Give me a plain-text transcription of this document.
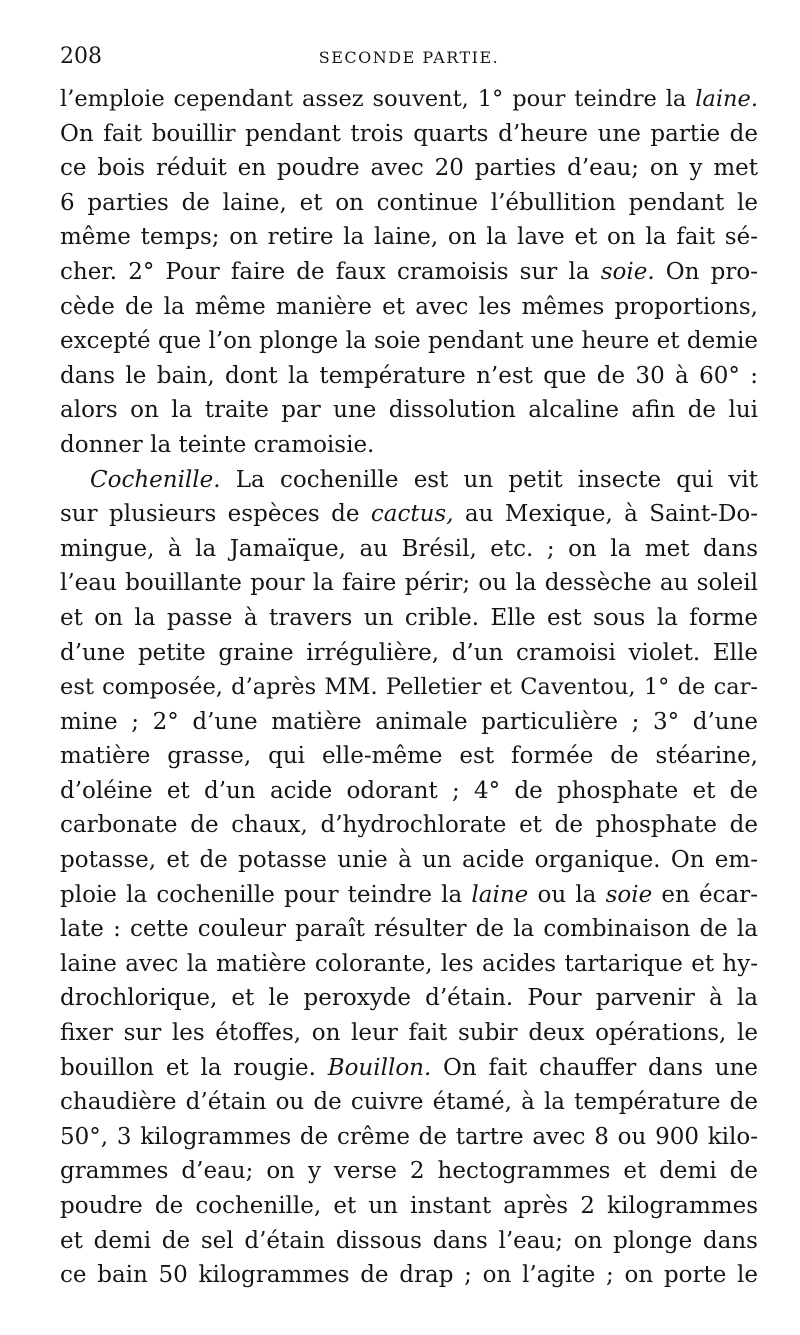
208	SECONDE PARTIE.
l’emploie cependant assez souvent, 1° pour teindre la laine.
On fait bouillir pendant trois quarts d’heure une partie de
ce bois réduit en poudre avec 20 parties d’eau; on y met
6 parties de laine, et on continue l’ébullition pendant le
même temps; on retire la laine, on la lave et on la fait sé-
cher. 2° Pour faire de faux cramoisis sur la soie. On pro-
cède de la même manière et avec les mêmes proportions,
excepté que l’on plonge la soie pendant une heure et demie
dans le bain, dont la température n’est que de 30 à 60° :
alors on la traite par une dissolution alcaline afin de lui
donner la teinte cramoisie.
Cochenille. La cochenille est un petit insecte qui vit
sur plusieurs espèces de cactus, au Mexique, à Saint-Do-
mingue, à la Jamaïque, au Brésil, etc. ; on la met dans
l’eau bouillante pour la faire périr; ou la dessèche au soleil
et on la passe à travers un crible. Elle est sous la forme
d’une petite graine irrégulière, d’un cramoisi violet. Elle
est composée, d’après MM. Pelletier et Caventou, 1° de car-
mine ; 2° d’une matière animale particulière ; 3° d’une
matière grasse, qui elle-même est formée de stéarine,
d’oléine et d’un acide odorant ; 4° de phosphate et de
carbonate de chaux, d’hydrochlorate et de phosphate de
potasse, et de potasse unie à un acide organique. On em-
ploie la cochenille pour teindre la laine ou la soie en écar-
late : cette couleur paraît résulter de la combinaison de la
laine avec la matière colorante, les acides tartarique et hy-
drochlorique, et le peroxyde d’étain. Pour parvenir à la
fixer sur les étoffes, on leur fait subir deux opérations, le
bouillon et la rougie. Bouillon. On fait chauffer dans une
chaudière d’étain ou de cuivre étamé, à la température de
50°, 3 kilogrammes de crême de tartre avec 8 ou 900 kilo-
grammes d’eau; on y verse 2 hectogrammes et demi de
poudre de cochenille, et un instant après 2 kilogrammes
et demi de sel d’étain dissous dans l’eau; on plonge dans
ce bain 50 kilogrammes de drap ; on l’agite ; on porte le
